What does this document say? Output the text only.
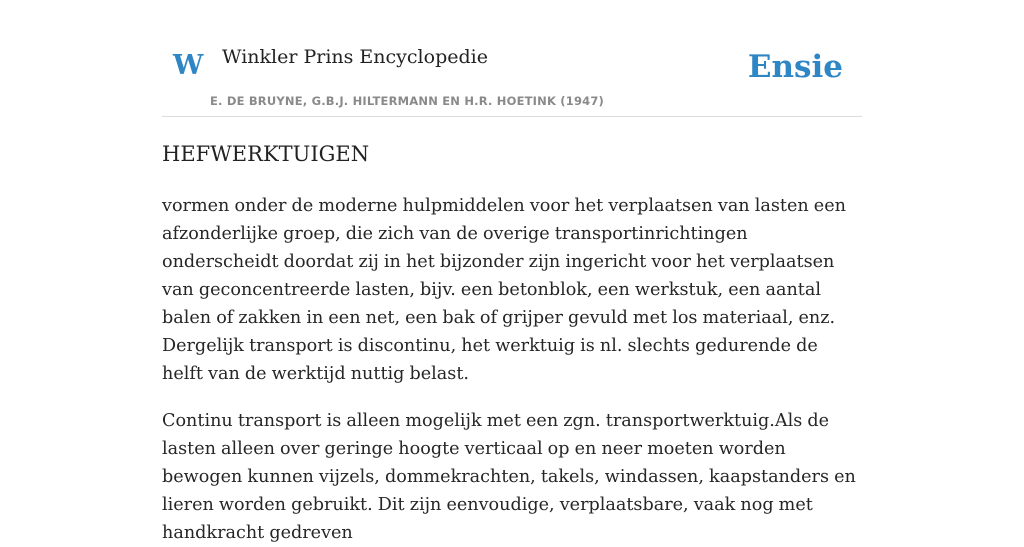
W Winkler Prins Encyclopedie
E. DE BRUYNE, G.B.J. HILTERMANN EN H.R. HOETINK (1947)
Ensie
HEFWERKTUIGEN

vormen onder de moderne hulpmiddelen voor het verplaatsen van lasten een afzonderlijke groep, die zich van de overige transportinrichtingen onderscheidt doordat zij in het bijzonder zijn ingericht voor het verplaatsen van geconcentreerde lasten, bijv. een betonblok, een werkstuk, een aantal balen of zakken in een net, een bak of grijper gevuld met los materiaal, enz. Dergelijk transport is discontinu, het werktuig is nl. slechts gedurende de helft van de werktijd nuttig belast.

Continu transport is alleen mogelijk met een zgn. transportwerktuig.Als de lasten alleen over geringe hoogte verticaal op en neer moeten worden bewogen kunnen vijzels, dommekrachten, takels, windassen, kaapstanders en lieren worden gebruikt. Dit zijn eenvoudige, verplaatsbare, vaak nog met handkracht gedreven
